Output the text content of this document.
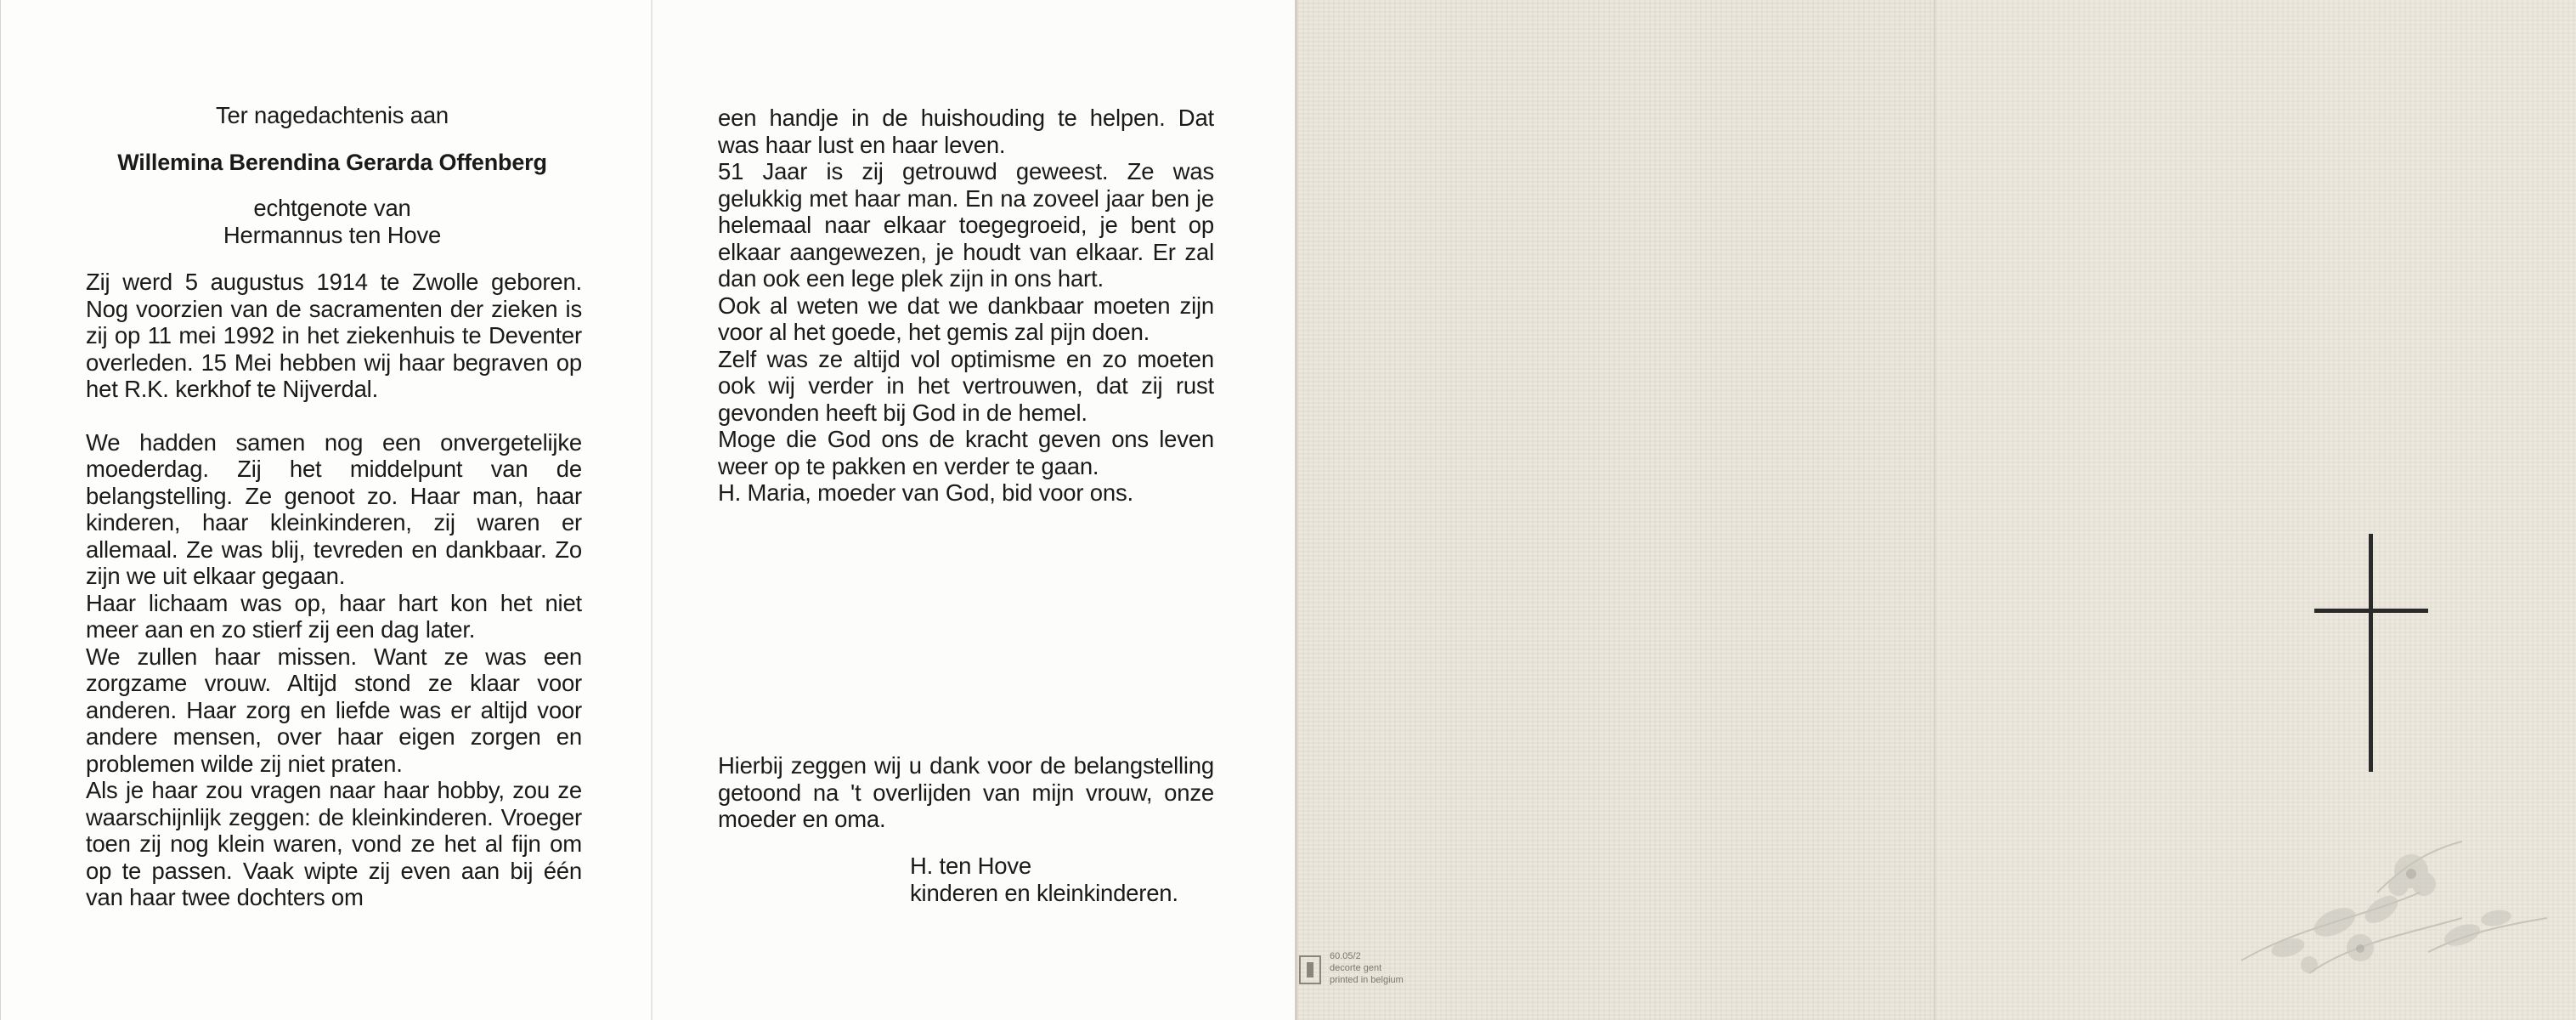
Ter nagedachtenis aan
Willemina Berendina Gerarda Offenberg
echtgenote van
Hermannus ten Hove

Zij werd 5 augustus 1914 te Zwolle geboren. Nog voorzien van de sacramenten der zieken is zij op 11 mei 1992 in het ziekenhuis te Deventer overleden. 15 Mei hebben wij haar begraven op het R.K. kerkhof te Nijverdal.

We hadden samen nog een onvergetelijke moederdag. Zij het middelpunt van de belangstelling. Ze genoot zo. Haar man, haar kinderen, haar kleinkinderen, zij waren er allemaal. Ze was blij, tevreden en dankbaar. Zo zijn we uit elkaar gegaan.

Haar lichaam was op, haar hart kon het niet meer aan en zo stierf zij een dag later.

We zullen haar missen. Want ze was een zorgzame vrouw. Altijd stond ze klaar voor anderen. Haar zorg en liefde was er altijd voor andere mensen, over haar eigen zorgen en problemen wilde zij niet praten.

Als je haar zou vragen naar haar hobby, zou ze waarschijnlijk zeggen: de kleinkinderen. Vroeger toen zij nog klein waren, vond ze het al fijn om op te passen. Vaak wipte zij even aan bij één van haar twee dochters om

een handje in de huishouding te helpen. Dat was haar lust en haar leven.

51 Jaar is zij getrouwd geweest. Ze was gelukkig met haar man. En na zoveel jaar ben je helemaal naar elkaar toegegroeid, je bent op elkaar aangewezen, je houdt van elkaar. Er zal dan ook een lege plek zijn in ons hart.

Ook al weten we dat we dankbaar moeten zijn voor al het goede, het gemis zal pijn doen.

Zelf was ze altijd vol optimisme en zo moeten ook wij verder in het vertrouwen, dat zij rust gevonden heeft bij God in de hemel.

Moge die God ons de kracht geven ons leven weer op te pakken en verder te gaan.

H. Maria, moeder van God, bid voor ons.

Hierbij zeggen wij u dank voor de belangstelling getoond na 't overlijden van mijn vrouw, onze moeder en oma.
H. ten Hove
kinderen en kleinkinderen.
60.05/2
decorte gent
printed in belgium
